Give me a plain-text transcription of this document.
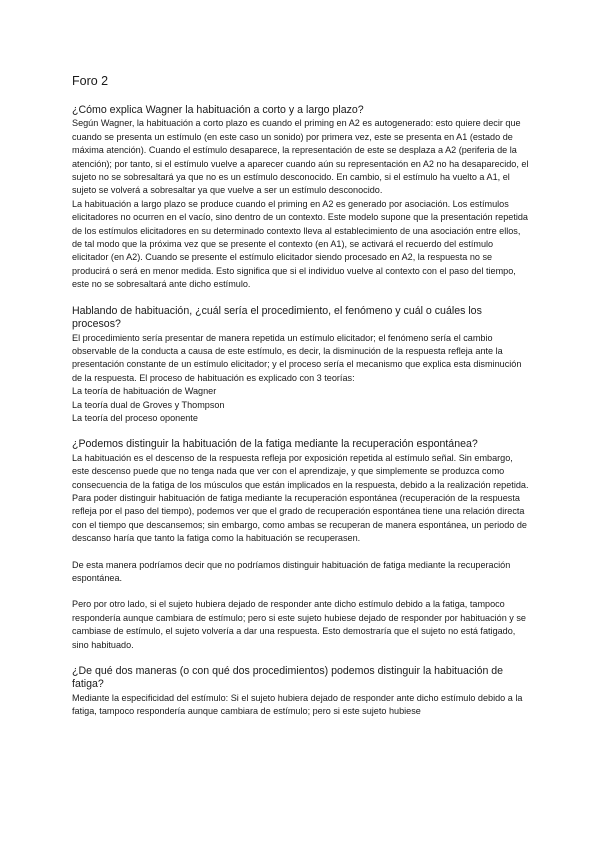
Foro 2
¿Cómo explica Wagner la habituación a corto y a largo plazo?
Según Wagner, la habituación a corto plazo es cuando el priming en A2 es autogenerado: esto quiere decir que cuando se presenta un estímulo (en este caso un sonido) por primera vez, este se presenta en A1 (estado de máxima atención). Cuando el estímulo desaparece, la representación de este se desplaza a A2 (periferia de la atención); por tanto, si el estímulo vuelve a aparecer cuando aún su representación en A2 no ha desaparecido, el sujeto no se sobresaltará ya que no es un estímulo desconocido. En cambio, si el estímulo ha vuelto a A1, el sujeto se volverá a sobresaltar ya que vuelve a ser un estímulo desconocido.
La habituación a largo plazo se produce cuando el priming en A2 es generado por asociación. Los estímulos elicitadores no ocurren en el vacío, sino dentro de un contexto. Este modelo supone que la presentación repetida de los estímulos elicitadores en su determinado contexto lleva al establecimiento de una asociación entre ellos, de tal modo que la próxima vez que se presente el contexto (en A1), se activará el recuerdo del estímulo elicitador (en A2). Cuando se presente el estímulo elicitador siendo procesado en A2, la respuesta no se producirá o será en menor medida. Esto significa que si el individuo vuelve al contexto con el paso del tiempo, este no se sobresaltará ante dicho estímulo.
Hablando de habituación, ¿cuál sería el procedimiento, el fenómeno y cuál o cuáles los procesos?
El procedimiento sería presentar de manera repetida un estímulo elicitador; el fenómeno sería el cambio observable de la conducta a causa de este estímulo, es decir, la disminución de la respuesta refleja ante la presentación constante de un estímulo elicitador; y el proceso sería el mecanismo que explica esta disminución de la respuesta. El proceso de habituación es explicado con 3 teorías:
La teoría de habituación de Wagner
La teoría dual de Groves y Thompson
La teoría del proceso oponente
¿Podemos distinguir la habituación de la fatiga mediante la recuperación espontánea?
La habituación es el descenso de la respuesta refleja por exposición repetida al estímulo señal. Sin embargo, este descenso puede que no tenga nada que ver con el aprendizaje, y que simplemente se produzca como consecuencia de la fatiga de los músculos que están implicados en la respuesta, debido a la realización repetida. Para poder distinguir habituación de fatiga mediante la recuperación espontánea (recuperación de la respuesta refleja por el paso del tiempo), podemos ver que el grado de recuperación espontánea tiene una relación directa con el tiempo que descansemos; sin embargo, como ambas se recuperan de manera espontánea, un periodo de descanso haría que tanto la fatiga como la habituación se recuperasen.
De esta manera podríamos decir que no podríamos distinguir habituación de fatiga mediante la recuperación espontánea.
Pero por otro lado, si el sujeto hubiera dejado de responder ante dicho estímulo debido a la fatiga, tampoco respondería aunque cambiara de estímulo; pero si este sujeto hubiese dejado de responder por habituación y se cambiase de estímulo, el sujeto volvería a dar una respuesta. Esto demostraría que el sujeto no está fatigado, sino habituado.
¿De qué dos maneras (o con qué dos procedimientos) podemos distinguir la habituación de fatiga?
Mediante la especificidad del estímulo: Si el sujeto hubiera dejado de responder ante dicho estímulo debido a la fatiga, tampoco respondería aunque cambiara de estímulo; pero si este sujeto hubiese
